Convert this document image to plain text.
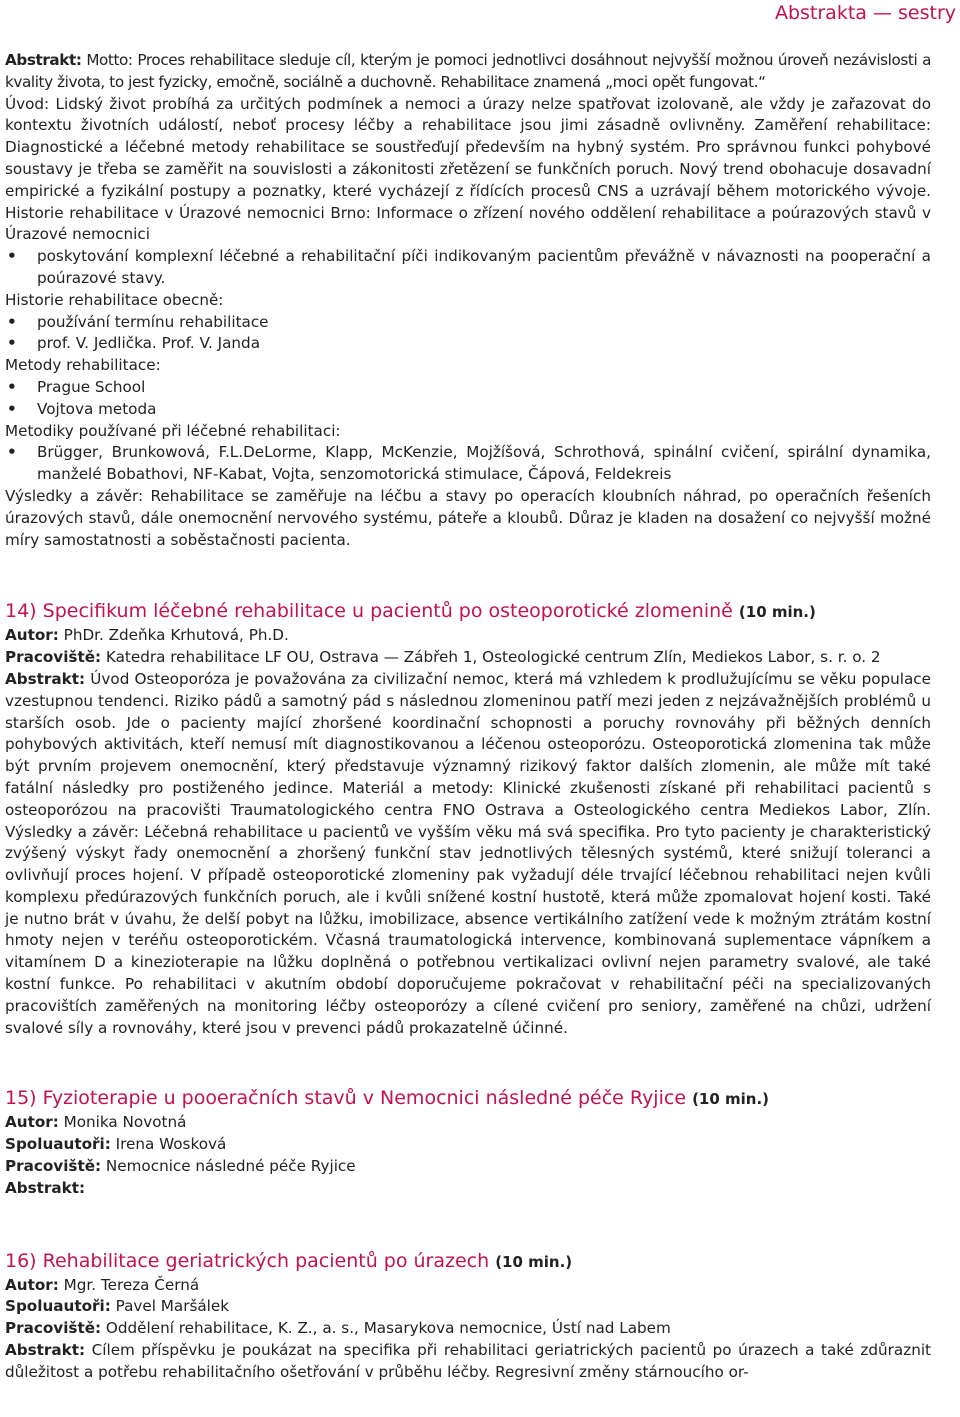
Abstrakta — sestry

Abstrakt: Motto: Proces rehabilitace sleduje cíl, kterým je pomoci jednotlivci dosáhnout nejvyšší možnou úroveň nezávislosti a kvality života, to jest fyzicky, emočně, sociálně a duchovně. Rehabilitace znamená „moci opět fungovat.“

Úvod: Lidský život probíhá za určitých podmínek a nemoci a úrazy nelze spatřovat izolovaně, ale vždy je zařazovat do kontextu životních událostí, neboť procesy léčby a rehabilitace jsou jimi zásadně ovlivněny. Zaměření rehabilitace: Diagnostické a léčebné metody rehabilitace se soustřeďují především na hybný systém. Pro správnou funkci pohybové soustavy je třeba se zaměřit na souvislosti a zákonitosti zřetězení se funkčních poruch. Nový trend obohacuje dosavadní empirické a fyzikální postupy a poznatky, které vycházejí z řídících procesů CNS a uzrávají během motorického vývoje. Historie rehabilitace v Úrazové nemocnici Brno: Informace o zřízení nového oddělení rehabilitace a poúrazových stavů v Úrazové nemocnici

• poskytování komplexní léčebné a rehabilitační píči indikovaným pacientům převážně v návaznosti na pooperační a poúrazové stavy.

Historie rehabilitace obecně:

• používání termínu rehabilitace
• prof. V. Jedlička. Prof. V. Janda

Metody rehabilitace:

• Prague School
• Vojtova metoda

Metodiky používané při léčebné rehabilitaci:

• Brügger, Brunkowová, F.L.DeLorme, Klapp, McKenzie, Mojžíšová, Schrothová, spinální cvičení, spirální dynamika, manželé Bobathovi, NF-Kabat, Vojta, senzomotorická stimulace, Čápová, Feldekreis

Výsledky a závěr: Rehabilitace se zaměřuje na léčbu a stavy po operacích kloubních náhrad, po operačních řešeních úrazových stavů, dále onemocnění nervového systému, páteře a kloubů. Důraz je kladen na dosažení co nejvyšší možné míry samostatnosti a soběstačnosti pacienta.

14) Specifikum léčebné rehabilitace u pacientů po osteoporotické zlomenině (10 min.)

Autor: PhDr. Zdeňka Krhutová, Ph.D.

Pracoviště: Katedra rehabilitace LF OU, Ostrava — Zábřeh 1, Osteologické centrum Zlín, Mediekos Labor, s. r. o. 2

Abstrakt: Úvod Osteoporóza je považována za civilizační nemoc, která má vzhledem k prodlužujícímu se věku populace vzestupnou tendenci. Riziko pádů a samotný pád s následnou zlomeninou patří mezi jeden z nejzávažnějších problémů u starších osob. Jde o pacienty mající zhoršené koordinační schopnosti a poruchy rovnováhy při běžných denních pohybových aktivitách, kteří nemusí mít diagnostikovanou a léčenou osteoporózu. Osteoporotická zlomenina tak může být prvním projevem onemocnění, který představuje významný rizikový faktor dalších zlomenin, ale může mít také fatální následky pro postiženého jedince. Materiál a metody: Klinické zkušenosti získané při rehabilitaci pacientů s osteoporózou na pracovišti Traumatologického centra FNO Ostrava a Osteologického centra Mediekos Labor, Zlín. Výsledky a závěr: Léčebná rehabilitace u pacientů ve vyšším věku má svá specifika. Pro tyto pacienty je charakteristický zvýšený výskyt řady onemocnění a zhoršený funkční stav jednotlivých tělesných systémů, které snižují toleranci a ovlivňují proces hojení. V případě osteoporotické zlomeniny pak vyžadují déle trvající léčebnou rehabilitaci nejen kvůli komplexu předúrazových funkčních poruch, ale i kvůli snížené kostní hustotě, která může zpomalovat hojení kosti. Také je nutno brát v úvahu, že delší pobyt na lůžku, imobilizace, absence vertikálního zatížení vede k možným ztrátám kostní hmoty nejen v teréňu osteoporotickém. Včasná traumatologická intervence, kombinovaná suplementace vápníkem a vitamínem D a kinezioterapie na lůžku doplněná o potřebnou vertikalizaci ovlivní nejen parametry svalové, ale také kostní funkce. Po rehabilitaci v akutním období doporučujeme pokračovat v rehabilitační péči na specializovaných pracovištích zaměřených na monitoring léčby osteoporózy a cílené cvičení pro seniory, zaměřené na chůzi, udržení svalové síly a rovnováhy, které jsou v prevenci pádů prokazatelně účinné.

15) Fyzioterapie u pooeračních stavů v Nemocnici následné péče Ryjice (10 min.)

Autor: Monika Novotná

Spoluautoři: Irena Wosková

Pracoviště: Nemocnice následné péče Ryjice

Abstrakt:

16) Rehabilitace geriatrických pacientů po úrazech (10 min.)

Autor: Mgr. Tereza Černá

Spoluautoři: Pavel Maršálek

Pracoviště: Oddělení rehabilitace, K. Z., a. s., Masarykova nemocnice, Ústí nad Labem

Abstrakt: Cílem příspěvku je poukázat na specifika při rehabilitaci geriatrických pacientů po úrazech a také zdůraznit důležitost a potřebu rehabilitačního ošetřování v průběhu léčby. Regresivní změny stárnoucího or-
